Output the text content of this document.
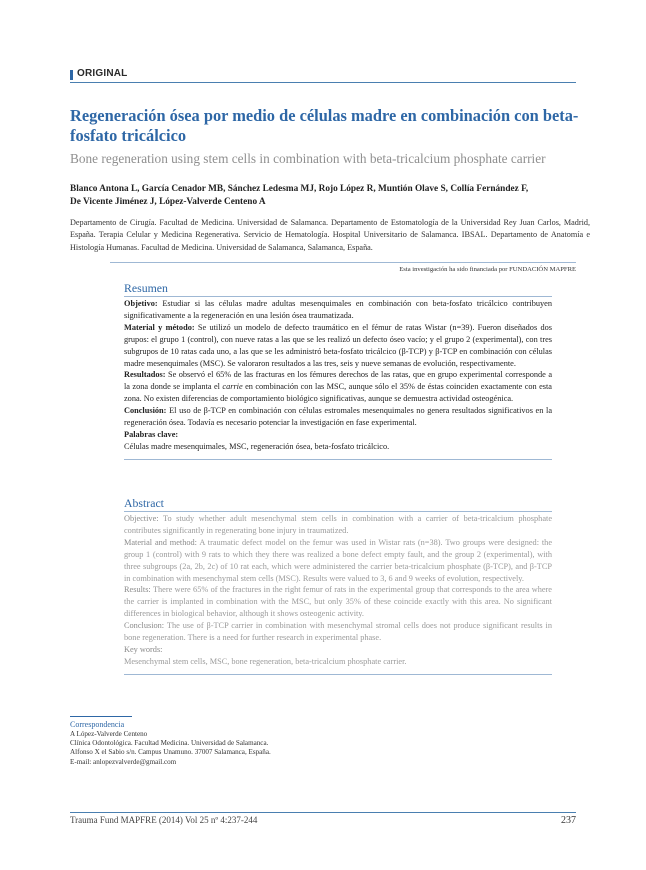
ORIGINAL
Regeneración ósea por medio de células madre en combinación con beta-fosfato tricálcico
Bone regeneration using stem cells in combination with beta-tricalcium phosphate carrier
Blanco Antona L, García Cenador MB, Sánchez Ledesma MJ, Rojo López R, Muntión Olave S, Collía Fernández F,
De Vicente Jiménez J, López-Valverde Centeno A
Departamento de Cirugía. Facultad de Medicina. Universidad de Salamanca. Departamento de Estomatología de la Universidad Rey Juan Carlos, Madrid, España. Terapia Celular y Medicina Regenerativa. Servicio de Hematología. Hospital Universitario de Salamanca. IBSAL. Departamento de Anatomía e Histología Humanas. Facultad de Medicina. Universidad de Salamanca, Salamanca, España.
Esta investigación ha sido financiada por FUNDACIÓN MAPFRE
Resumen

Objetivo: Estudiar si las células madre adultas mesenquimales en combinación con beta-fosfato tricálcico contribuyen significativamente a la regeneración en una lesión ósea traumatizada.

Material y método: Se utilizó un modelo de defecto traumático en el fémur de ratas Wistar (n=39). Fueron diseñados dos grupos: el grupo 1 (control), con nueve ratas a las que se les realizó un defecto óseo vacío; y el grupo 2 (experimental), con tres subgrupos de 10 ratas cada uno, a las que se les administró beta-fosfato tricálcico (β-TCP) y β-TCP en combinación con células madre mesenquimales (MSC). Se valoraron resultados a las tres, seis y nueve semanas de evolución, respectivamente.

Resultados: Se observó el 65% de las fracturas en los fémures derechos de las ratas, que en grupo experimental corresponde a la zona donde se implanta el carrie en combinación con las MSC, aunque sólo el 35% de éstas coinciden exactamente con esta zona. No existen diferencias de comportamiento biológico significativas, aunque se demuestra actividad osteogénica.

Conclusión: El uso de β-TCP en combinación con células estromales mesenquimales no genera resultados significativos en la regeneración ósea. Todavía es necesario potenciar la investigación en fase experimental.

Palabras clave:

Células madre mesenquimales, MSC, regeneración ósea, beta-fosfato tricálcico.

Abstract

Objective: To study whether adult mesenchymal stem cells in combination with a carrier of beta-tricalcium phosphate contributes significantly in regenerating bone injury in traumatized.

Material and method: A traumatic defect model on the femur was used in Wistar rats (n=38). Two groups were designed: the group 1 (control) with 9 rats to which they there was realized a bone defect empty fault, and the group 2 (experimental), with three subgroups (2a, 2b, 2c) of 10 rat each, which were administered the carrier beta-tricalcium phosphate (β-TCP), and β-TCP in combination with mesenchymal stem cells (MSC). Results were valued to 3, 6 and 9 weeks of evolution, respectively.

Results: There were 65% of the fractures in the right femur of rats in the experimental group that corresponds to the area where the carrier is implanted in combination with the MSC, but only 35% of these coincide exactly with this area. No significant differences in biological behavior, although it shows osteogenic activity.

Conclusion: The use of β-TCP carrier in combination with mesenchymal stromal cells does not produce significant results in bone regeneration. There is a need for further research in experimental phase.

Key words:

Mesenchymal stem cells, MSC, bone regeneration, beta-tricalcium phosphate carrier.

Correspondencia
A López-Valverde Centeno
Clínica Odontológica. Facultad Medicina. Universidad de Salamanca.
Alfonso X el Sabio s/n. Campus Unamuno. 37007 Salamanca, España.
E-mail: anlopezvalverde@gmail.com
Trauma Fund MAPFRE (2014) Vol 25 nº 4:237-244	237
